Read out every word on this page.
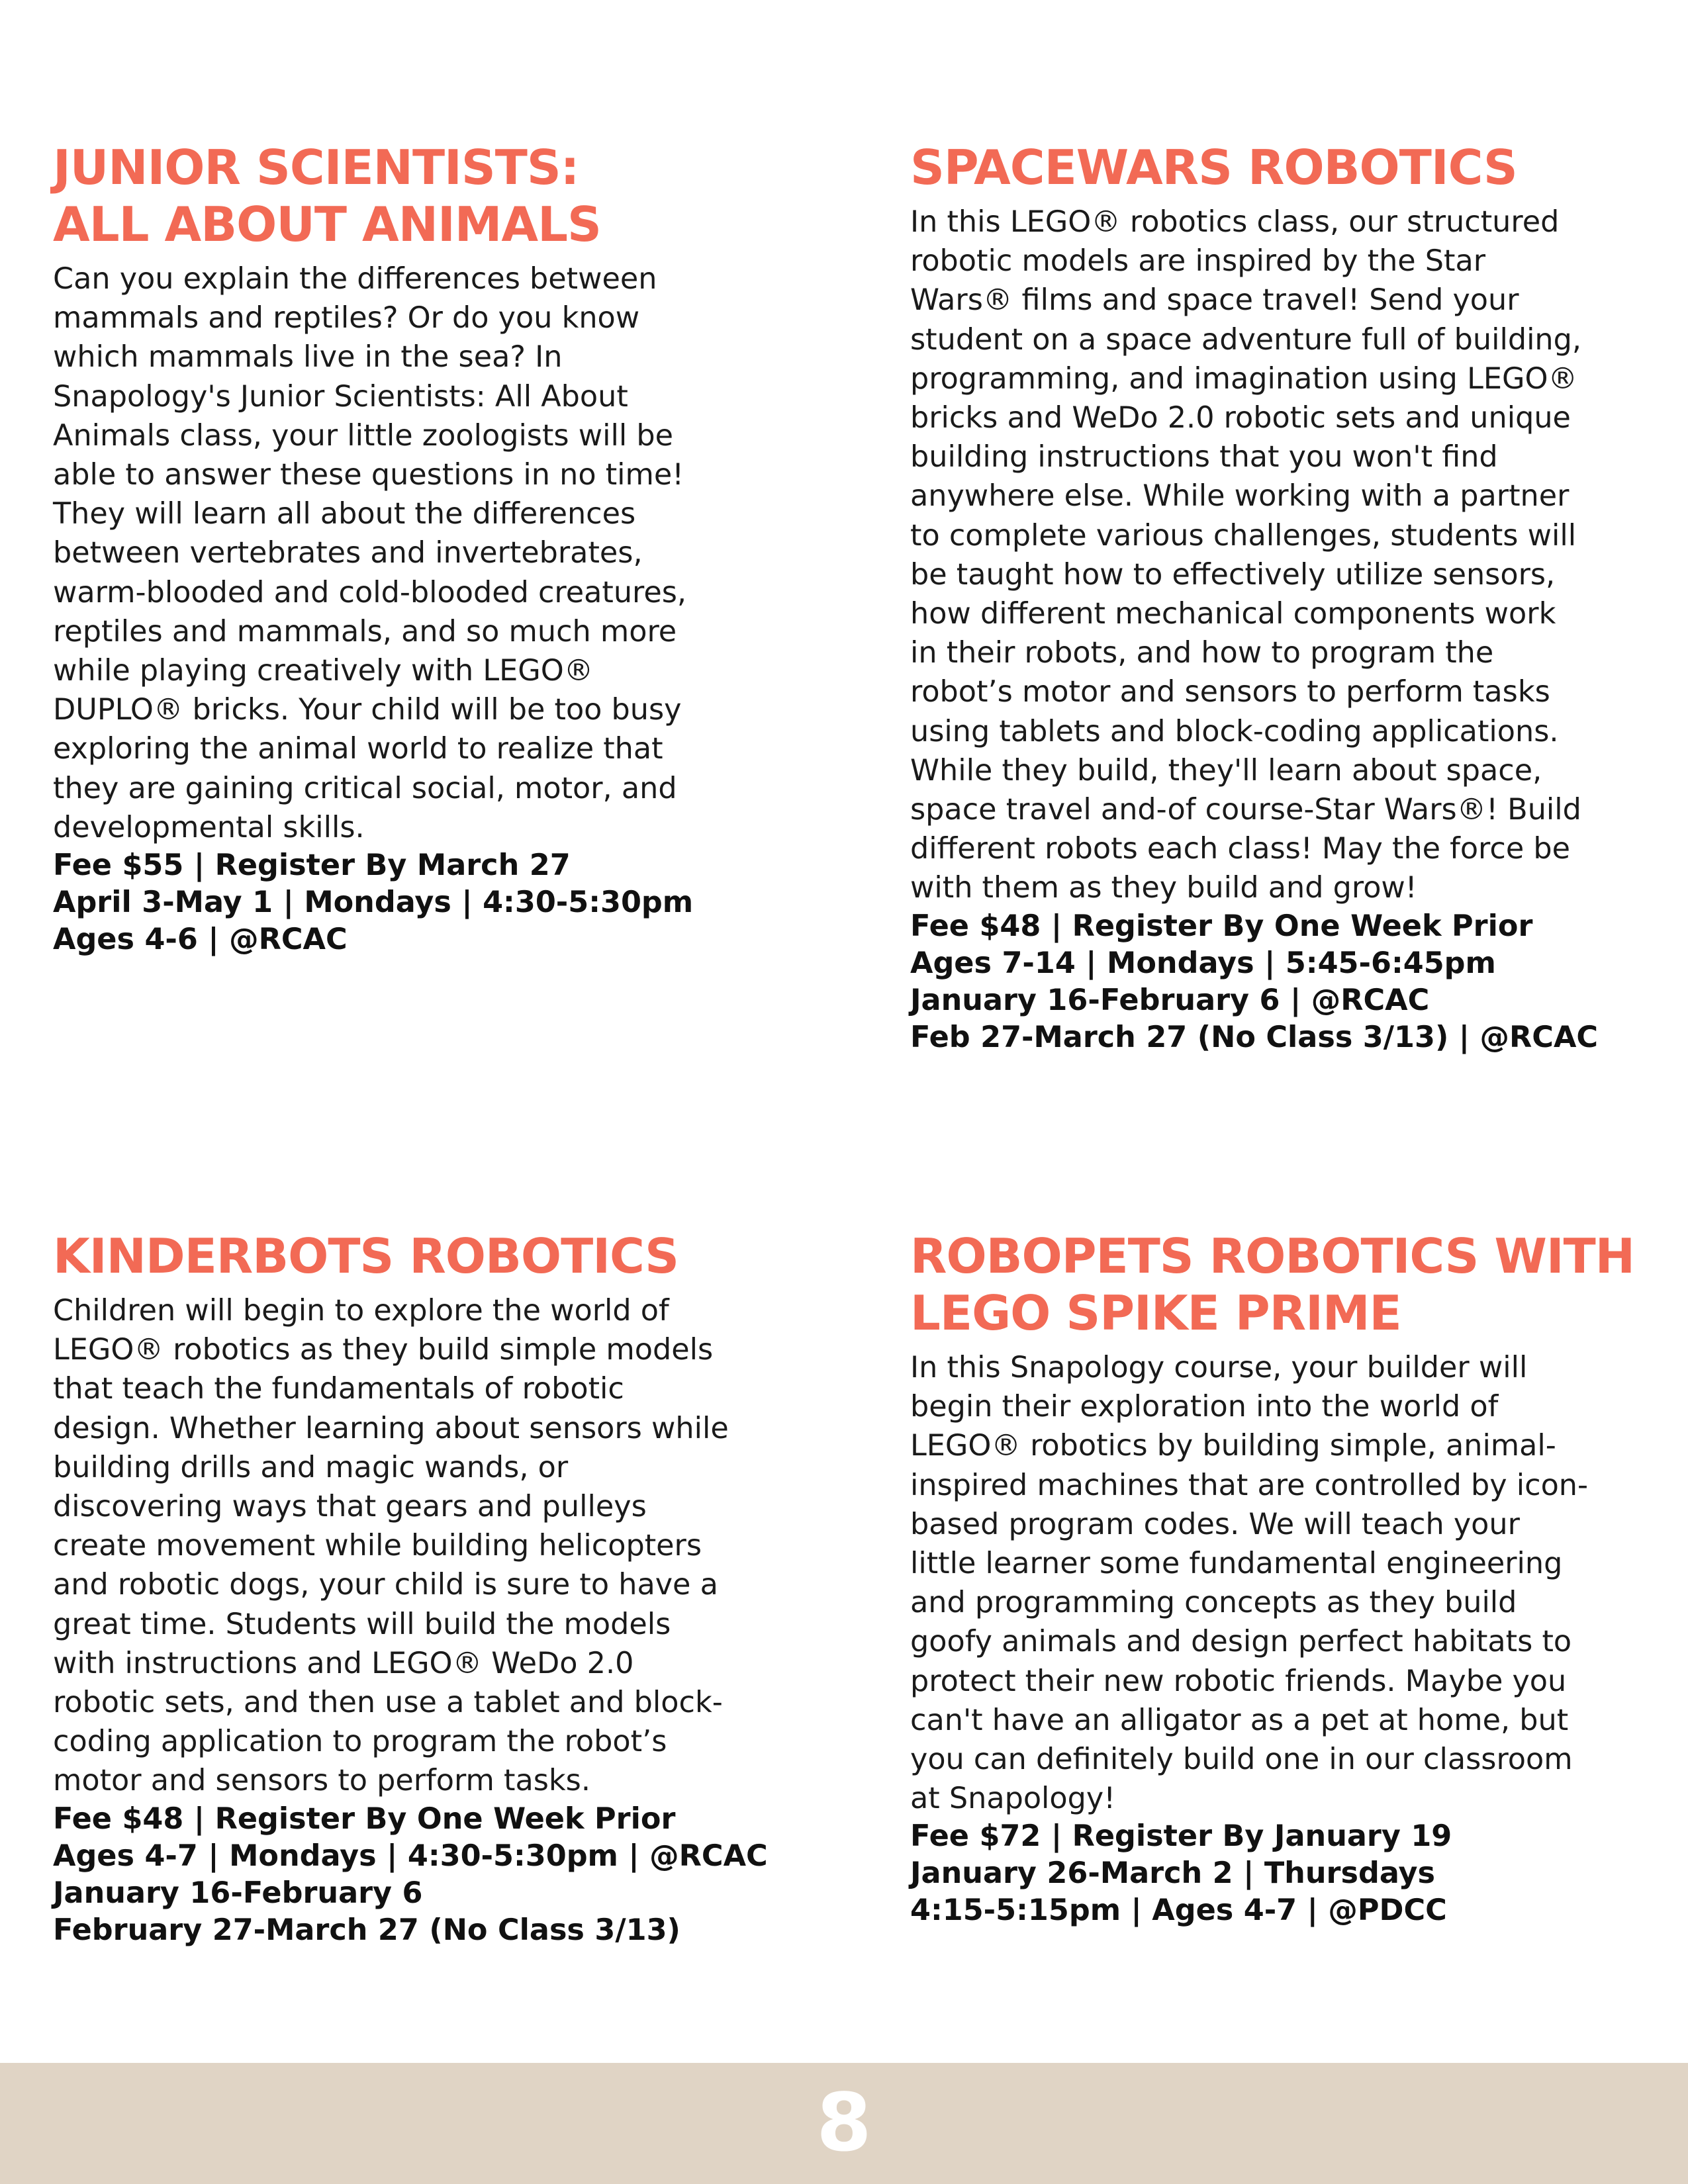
JUNIOR SCIENTISTS:
ALL ABOUT ANIMALS

Can you explain the differences between
mammals and reptiles? Or do you know
which mammals live in the sea? In
Snapology's Junior Scientists: All About
Animals class, your little zoologists will be
able to answer these questions in no time!
They will learn all about the differences
between vertebrates and invertebrates,
warm-blooded and cold-blooded creatures,
reptiles and mammals, and so much more
while playing creatively with LEGO®
DUPLO® bricks. Your child will be too busy
exploring the animal world to realize that
they are gaining critical social, motor, and
developmental skills.

Fee $55 | Register By March 27
April 3-May 1 | Mondays | 4:30-5:30pm
Ages 4-6 | @RCAC
SPACEWARS ROBOTICS

In this LEGO® robotics class, our structured
robotic models are inspired by the Star
Wars® films and space travel! Send your
student on a space adventure full of building,
programming, and imagination using LEGO®
bricks and WeDo 2.0 robotic sets and unique
building instructions that you won't find
anywhere else. While working with a partner
to complete various challenges, students will
be taught how to effectively utilize sensors,
how different mechanical components work
in their robots, and how to program the
robot’s motor and sensors to perform tasks
using tablets and block-coding applications.
While they build, they'll learn about space,
space travel and-of course-Star Wars®! Build
different robots each class! May the force be
with them as they build and grow!

Fee $48 | Register By One Week Prior
Ages 7-14 | Mondays | 5:45-6:45pm
January 16-February 6 | @RCAC
Feb 27-March 27 (No Class 3/13) | @RCAC
KINDERBOTS ROBOTICS

Children will begin to explore the world of
LEGO® robotics as they build simple models
that teach the fundamentals of robotic
design. Whether learning about sensors while
building drills and magic wands, or
discovering ways that gears and pulleys
create movement while building helicopters
and robotic dogs, your child is sure to have a
great time. Students will build the models
with instructions and LEGO® WeDo 2.0
robotic sets, and then use a tablet and block-
coding application to program the robot’s
motor and sensors to perform tasks.

Fee $48 | Register By One Week Prior
Ages 4-7 | Mondays | 4:30-5:30pm | @RCAC
January 16-February 6
February 27-March 27 (No Class 3/13)
ROBOPETS ROBOTICS WITH
LEGO SPIKE PRIME

In this Snapology course, your builder will
begin their exploration into the world of
LEGO® robotics by building simple, animal-
inspired machines that are controlled by icon-
based program codes. We will teach your
little learner some fundamental engineering
and programming concepts as they build
goofy animals and design perfect habitats to
protect their new robotic friends. Maybe you
can't have an alligator as a pet at home, but
you can definitely build one in our classroom
at Snapology!

Fee $72 | Register By January 19
January 26-March 2 | Thursdays
4:15-5:15pm | Ages 4-7 | @PDCC
8
